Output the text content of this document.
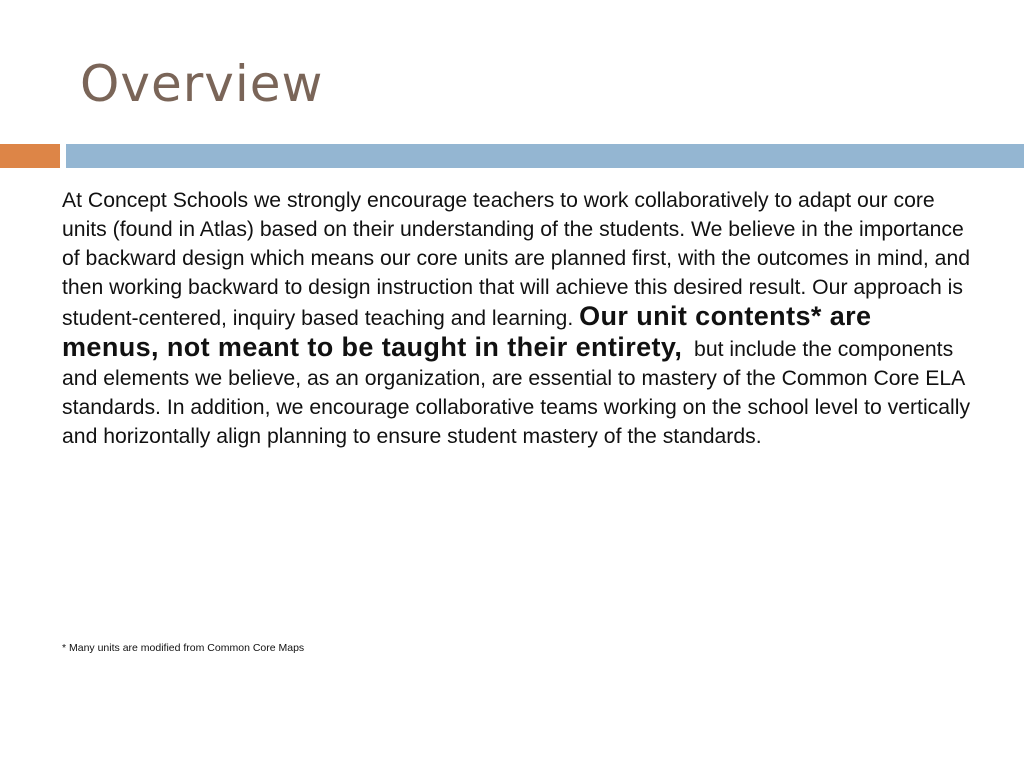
Overview

At Concept Schools we strongly encourage teachers to work collaboratively to adapt our core units (found in Atlas) based on their understanding of the students. We believe in the importance of backward design which means our core units are planned first, with the outcomes in mind, and then working backward to design instruction that will achieve this desired result. Our approach is student-centered, inquiry based teaching and learning. Our unit contents* are menus, not meant to be taught in their entirety, but include the components and elements we believe, as an organization, are essential to mastery of the Common Core ELA standards. In addition, we encourage collaborative teams working on the school level to vertically and horizontally align planning to ensure student mastery of the standards.

* Many units are modified from Common Core Maps
